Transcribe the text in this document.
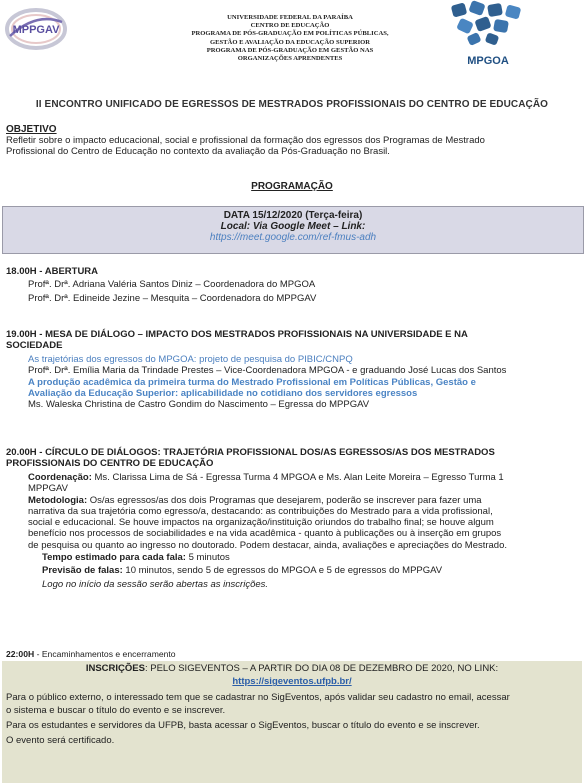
MPPGAV
UNIVERSIDADE FEDERAL DA PARAÍBA
CENTRO DE EDUCAÇÃO
PROGRAMA DE PÓS-GRADUAÇÃO EM POLÍTICAS PÚBLICAS,
GESTÃO E AVALIAÇÃO DA EDUCAÇÃO SUPERIOR
PROGRAMA DE PÓS-GRADUAÇÃO EM GESTÃO NAS
ORGANIZAÇÕES APRENDENTES	MPGOA
II ENCONTRO UNIFICADO DE EGRESSOS DE MESTRADOS PROFISSIONAIS DO CENTRO DE EDUCAÇÃO
OBJETIVO
Refletir sobre o impacto educacional, social e profissional da formação dos egressos dos Programas de Mestrado
Profissional do Centro de Educação no contexto da avaliação da Pós-Graduação no Brasil.
PROGRAMAÇÃO
DATA 15/12/2020 (Terça-feira)
Local: Via Google Meet – Link:
https://meet.google.com/ref-fmus-adh
18.00H - ABERTURA
Profª. Drª. Adriana Valéria Santos Diniz – Coordenadora do MPGOA
Profª. Drª. Edineide Jezine – Mesquita – Coordenadora do MPPGAV
19.00H - MESA DE DIÁLOGO – IMPACTO DOS MESTRADOS PROFISSIONAIS NA UNIVERSIDADE E NA
SOCIEDADE
As trajetórias dos egressos do MPGOA: projeto de pesquisa do PIBIC/CNPQ
Profª. Drª. Emília Maria da Trindade Prestes – Vice-Coordenadora MPGOA - e graduando José Lucas dos Santos
A produção acadêmica da primeira turma do Mestrado Profissional em Políticas Públicas, Gestão e
Avaliação da Educação Superior: aplicabilidade no cotidiano dos servidores egressos
Ms. Waleska Christina de Castro Gondim do Nascimento – Egressa do MPPGAV
20.00H - CÍRCULO DE DIÁLOGOS: TRAJETÓRIA PROFISSIONAL DOS/AS EGRESSOS/AS DOS MESTRADOS
PROFISSIONAIS DO CENTRO DE EDUCAÇÃO
Coordenação: Ms. Clarissa Lima de Sá - Egressa Turma 4 MPGOA e Ms. Alan Leite Moreira – Egresso Turma 1
MPPGAV
Metodologia: Os/as egressos/as dos dois Programas que desejarem, poderão se inscrever para fazer uma
narrativa da sua trajetória como egresso/a, destacando: as contribuições do Mestrado para a vida profissional,
social e educacional. Se houve impactos na organização/instituição oriundos do trabalho final; se houve algum
benefício nos processos de sociabilidades e na vida acadêmica - quanto à publicações ou à inserção em grupos
de pesquisa ou quanto ao ingresso no doutorado. Podem destacar, ainda, avaliações e apreciações do Mestrado.
Tempo estimado para cada fala: 5 minutos
Previsão de falas: 10 minutos, sendo 5 de egressos do MPGOA e 5 de egressos do MPPGAV
Logo no início da sessão serão abertas as inscrições.
22:00H - Encaminhamentos e encerramento
INSCRIÇÕES: PELO SIGEVENTOS – A PARTIR DO DIA 08 DE DEZEMBRO DE 2020, NO LINK:
https://sigeventos.ufpb.br/
Para o público externo, o interessado tem que se cadastrar no SigEventos, após validar seu cadastro no email, acessar
o sistema e buscar o título do evento e se inscrever.
Para os estudantes e servidores da UFPB, basta acessar o SigEventos, buscar o título do evento e se inscrever.
O evento será certificado.
